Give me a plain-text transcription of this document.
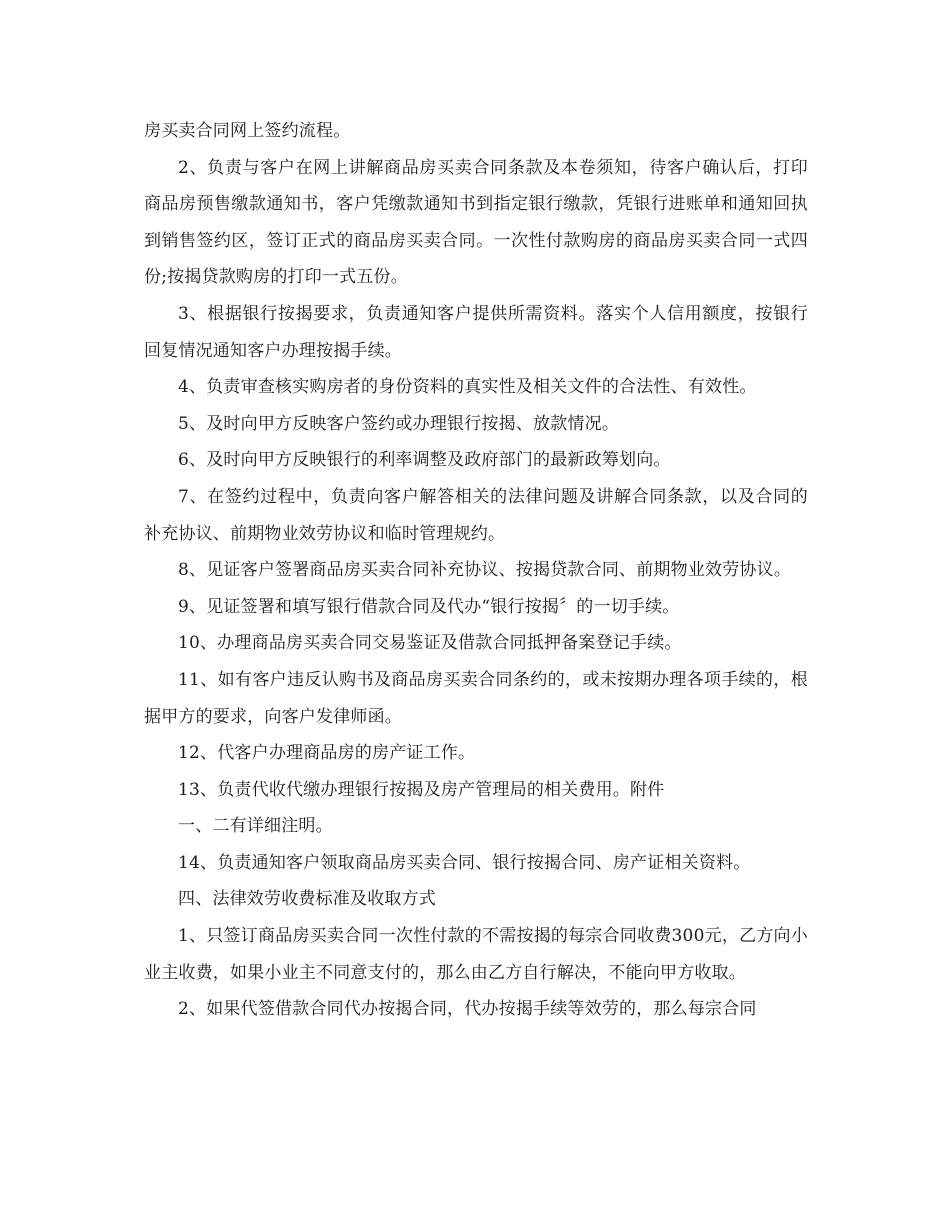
房买卖合同网上签约流程。

2、负责与客户在网上讲解商品房买卖合同条款及本卷须知，待客户确认后，打印商品房预售缴款通知书，客户凭缴款通知书到指定银行缴款，凭银行进账单和通知回执到销售签约区，签订正式的商品房买卖合同。一次性付款购房的商品房买卖合同一式四份;按揭贷款购房的打印一式五份。

3、根据银行按揭要求，负责通知客户提供所需资料。落实个人信用额度，按银行回复情况通知客户办理按揭手续。

4、负责审查核实购房者的身份资料的真实性及相关文件的合法性、有效性。

5、及时向甲方反映客户签约或办理银行按揭、放款情况。

6、及时向甲方反映银行的利率调整及政府部门的最新政筹划向。

7、在签约过程中，负责向客户解答相关的法律问题及讲解合同条款，以及合同的补充协议、前期物业效劳协议和临时管理规约。

8、见证客户签署商品房买卖合同补充协议、按揭贷款合同、前期物业效劳协议。

9、见证签署和填写银行借款合同及代办“银行按揭〞的一切手续。

10、办理商品房买卖合同交易鉴证及借款合同抵押备案登记手续。

11、如有客户违反认购书及商品房买卖合同条约的，或未按期办理各项手续的，根据甲方的要求，向客户发律师函。

12、代客户办理商品房的房产证工作。

13、负责代收代缴办理银行按揭及房产管理局的相关费用。附件

一、二有详细注明。

14、负责通知客户领取商品房买卖合同、银行按揭合同、房产证相关资料。

四、法律效劳收费标准及收取方式

1、只签订商品房买卖合同一次性付款的不需按揭的每宗合同收费300元，乙方向小业主收费，如果小业主不同意支付的，那么由乙方自行解决，不能向甲方收取。

2、如果代签借款合同代办按揭合同，代办按揭手续等效劳的，那么每宗合同
